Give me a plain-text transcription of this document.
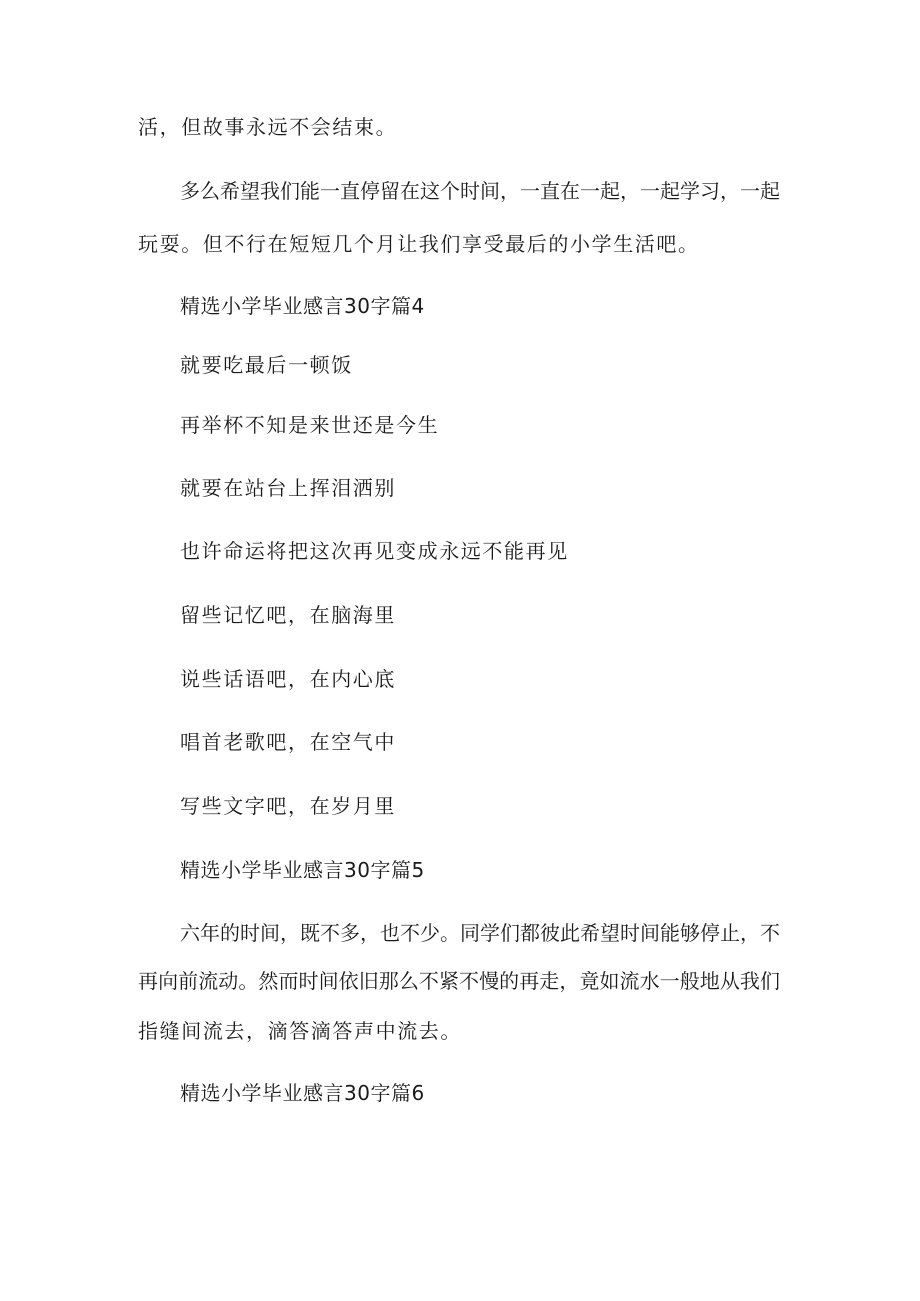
活，但故事永远不会结束。

多么希望我们能一直停留在这个时间，一直在一起，一起学习，一起

玩耍。但不行在短短几个月让我们享受最后的小学生活吧。

精选小学毕业感言30字篇4

就要吃最后一顿饭

再举杯不知是来世还是今生

就要在站台上挥泪洒别

也许命运将把这次再见变成永远不能再见

留些记忆吧，在脑海里

说些话语吧，在内心底

唱首老歌吧，在空气中

写些文字吧，在岁月里

精选小学毕业感言30字篇5

六年的时间，既不多，也不少。同学们都彼此希望时间能够停止，不

再向前流动。然而时间依旧那么不紧不慢的再走，竟如流水一般地从我们

指缝间流去，滴答滴答声中流去。

精选小学毕业感言30字篇6
